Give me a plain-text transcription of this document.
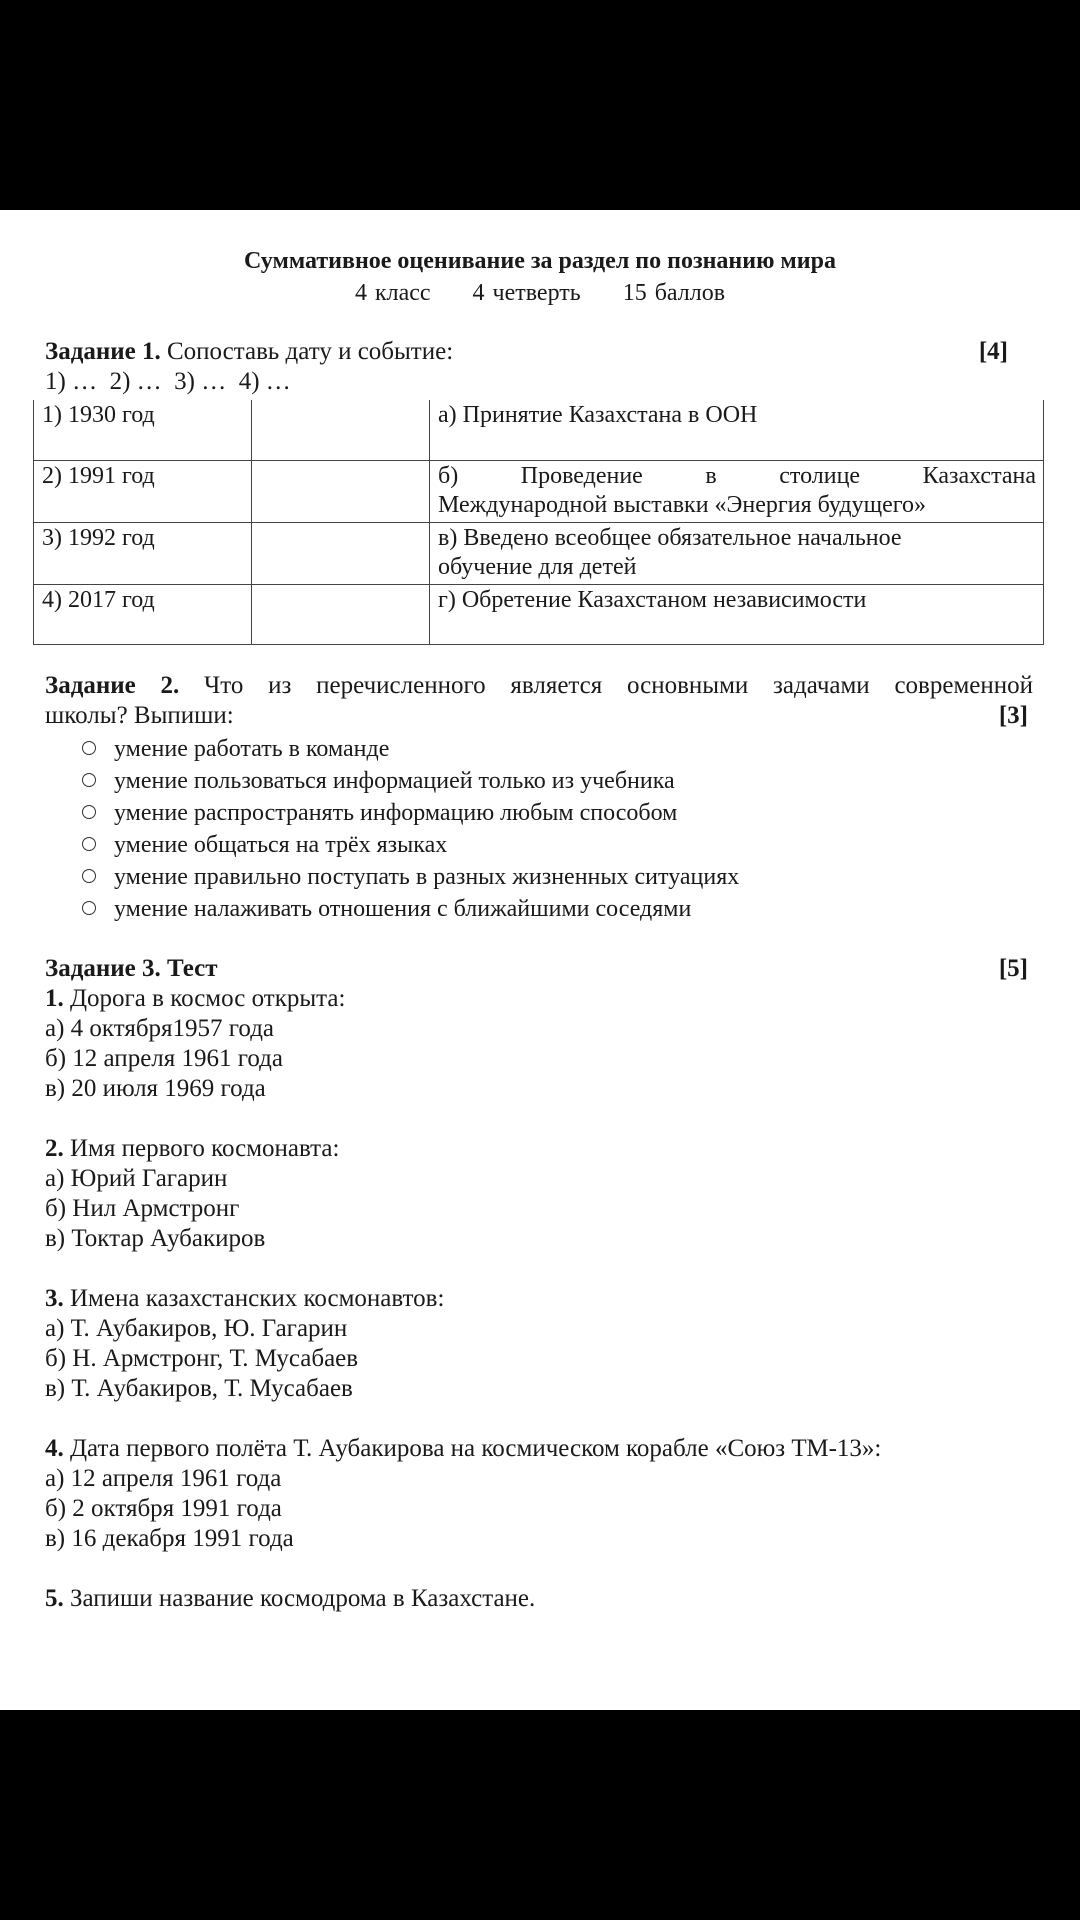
Суммативное оценивание за раздел по познанию мира
4 класс 4 четверть 15 баллов
Задание 1. Сопоставь дату и событие:	[4]
1) …  2) …  3) …  4) …
1) 1930 год		а) Принятие Казахстана в ООН
2) 1991 год		б) Проведение в столице Казахстана
Международной выставки «Энергия будущего»

3) 1992 год		в) Введено всеобщее обязательное начальное
обучение для детей

4) 2017 год		г) Обретение Казахстаном независимости
Задание 2. Что из перечисленного является основными задачами современной
школы? Выпиши:	[3]
умение работать в команде
умение пользоваться информацией только из учебника
умение распространять информацию любым способом
умение общаться на трёх языках
умение правильно поступать в разных жизненных ситуациях
умение налаживать отношения с ближайшими соседями
Задание 3. Тест	[5]
1. Дорога в космос открыта:
а) 4 октября1957 года
б) 12 апреля 1961 года
в) 20 июля 1969 года
2. Имя первого космонавта:
а) Юрий Гагарин
б) Нил Армстронг
в) Токтар Аубакиров
3. Имена казахстанских космонавтов:
а) Т. Аубакиров, Ю. Гагарин
б) Н. Армстронг, Т. Мусабаев
в) Т. Аубакиров, Т. Мусабаев
4. Дата первого полёта Т. Аубакирова на космическом корабле «Союз ТМ-13»:
а) 12 апреля 1961 года
б) 2 октября 1991 года
в) 16 декабря 1991 года
5. Запиши название космодрома в Казахстане.
